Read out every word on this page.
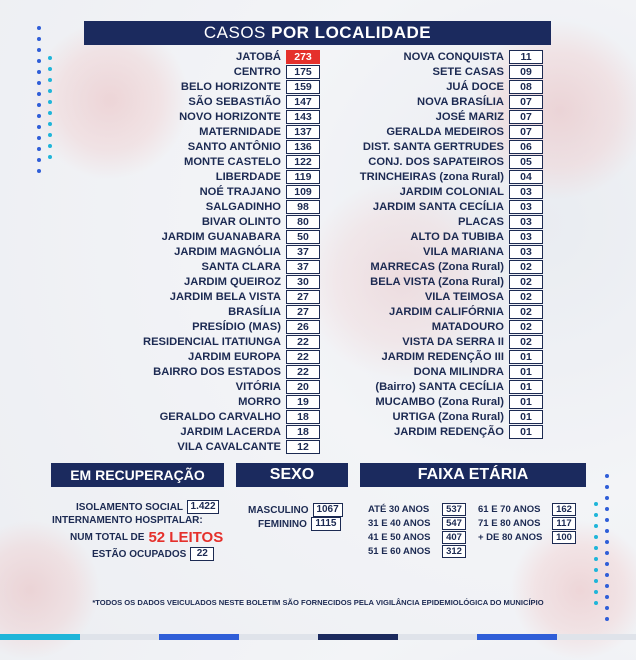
CASOS POR LOCALIDADE
JATOBÁ	273
CENTRO	175
BELO HORIZONTE	159
SÃO SEBASTIÃO	147
NOVO HORIZONTE	143
MATERNIDADE	137
SANTO ANTÔNIO	136
MONTE CASTELO	122
LIBERDADE	119
NOÉ TRAJANO	109
SALGADINHO	98
BIVAR OLINTO	80
JARDIM GUANABARA	50
JARDIM MAGNÓLIA	37
SANTA CLARA	37
JARDIM QUEIROZ	30
JARDIM BELA VISTA	27
BRASÍLIA	27
PRESÍDIO (MAS)	26
RESIDENCIAL ITATIUNGA	22
JARDIM EUROPA	22
BAIRRO DOS ESTADOS	22
VITÓRIA	20
MORRO	19
GERALDO CARVALHO	18
JARDIM LACERDA	18
VILA CAVALCANTE	12
NOVA CONQUISTA	11
SETE CASAS	09
JUÁ DOCE	08
NOVA BRASÍLIA	07
JOSÉ MARIZ	07
GERALDA MEDEIROS	07
DIST. SANTA GERTRUDES	06
CONJ. DOS SAPATEIROS	05
TRINCHEIRAS (zona Rural)	04
JARDIM COLONIAL	03
JARDIM SANTA CECÍLIA	03
PLACAS	03
ALTO DA TUBIBA	03
VILA MARIANA	03
MARRECAS (Zona Rural)	02
BELA VISTA (Zona Rural)	02
VILA TEIMOSA	02
JARDIM CALIFÓRNIA	02
MATADOURO	02
VISTA DA SERRA II	02
JARDIM REDENÇÃO III	01
DONA MILINDRA	01
(Bairro) SANTA CECÍLIA	01
MUCAMBO (Zona Rural)	01
URTIGA (Zona Rural)	01
JARDIM REDENÇÃO	01
EM RECUPERAÇÃO
ISOLAMENTO SOCIAL 1.422
INTERNAMENTO HOSPITALAR:
NUM TOTAL DE 52 LEITOS
ESTÃO OCUPADOS	22
SEXO
MASCULINO 1067
FEMININO 1115
FAIXA ETÁRIA
ATÉ 30 ANOS	537
31 E 40 ANOS	547
41 E 50 ANOS	407
51 E 60 ANOS	312
61 E 70 ANOS	162
71 E 80 ANOS	117
+ DE 80 ANOS	100
*TODOS OS DADOS VEICULADOS NESTE BOLETIM SÃO FORNECIDOS PELA VIGILÂNCIA EPIDEMIOLÓGICA DO MUNICÍPIO
